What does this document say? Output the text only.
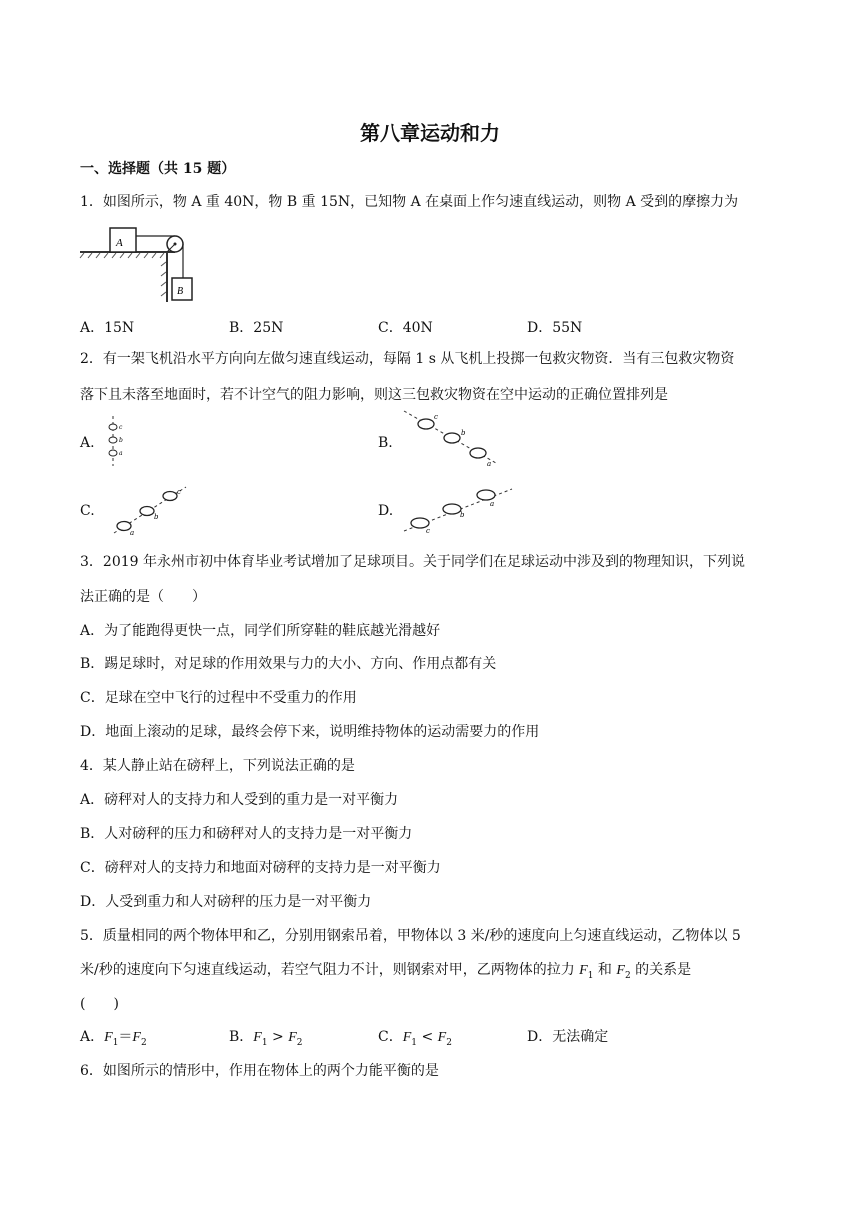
第八章运动和力
一、选择题（共 15 题）
1．如图所示，物 A 重 40N，物 B 重 15N，已知物 A 在桌面上作匀速直线运动，则物 A 受到的摩擦力为
A
B
A．15N	B．25N	C．40N	D．55N
2．有一架飞机沿水平方向向左做匀速直线运动，每隔 1 s 从飞机上投掷一包救灾物资．当有三包救灾物资
落下且未落至地面时，若不计空气的阻力影响，则这三包救灾物资在空中运动的正确位置排列是
A.
c
b
a
B.
c
b
a
C.
a
b
c
D.
c
b
a
3．2019 年永州市初中体育毕业考试增加了足球项目。关于同学们在足球运动中涉及到的物理知识，下列说
法正确的是（　　）
A．为了能跑得更快一点，同学们所穿鞋的鞋底越光滑越好
B．踢足球时，对足球的作用效果与力的大小、方向、作用点都有关
C．足球在空中飞行的过程中不受重力的作用
D．地面上滚动的足球，最终会停下来，说明维持物体的运动需要力的作用
4．某人静止站在磅秤上，下列说法正确的是
A．磅秤对人的支持力和人受到的重力是一对平衡力
B．人对磅秤的压力和磅秤对人的支持力是一对平衡力
C．磅秤对人的支持力和地面对磅秤的支持力是一对平衡力
D．人受到重力和人对磅秤的压力是一对平衡力
5．质量相同的两个物体甲和乙，分别用钢索吊着，甲物体以 3 米/秒的速度向上匀速直线运动，乙物体以 5
米/秒的速度向下匀速直线运动，若空气阻力不计，则钢索对甲，乙两物体的拉力 $F_1$ 和 $F_2$ 的关系是
(　　)
A．$F_1=F_2$	B．$F_1 > F_2$	C．$F_1 < F_2$	D．无法确定
6．如图所示的情形中，作用在物体上的两个力能平衡的是
